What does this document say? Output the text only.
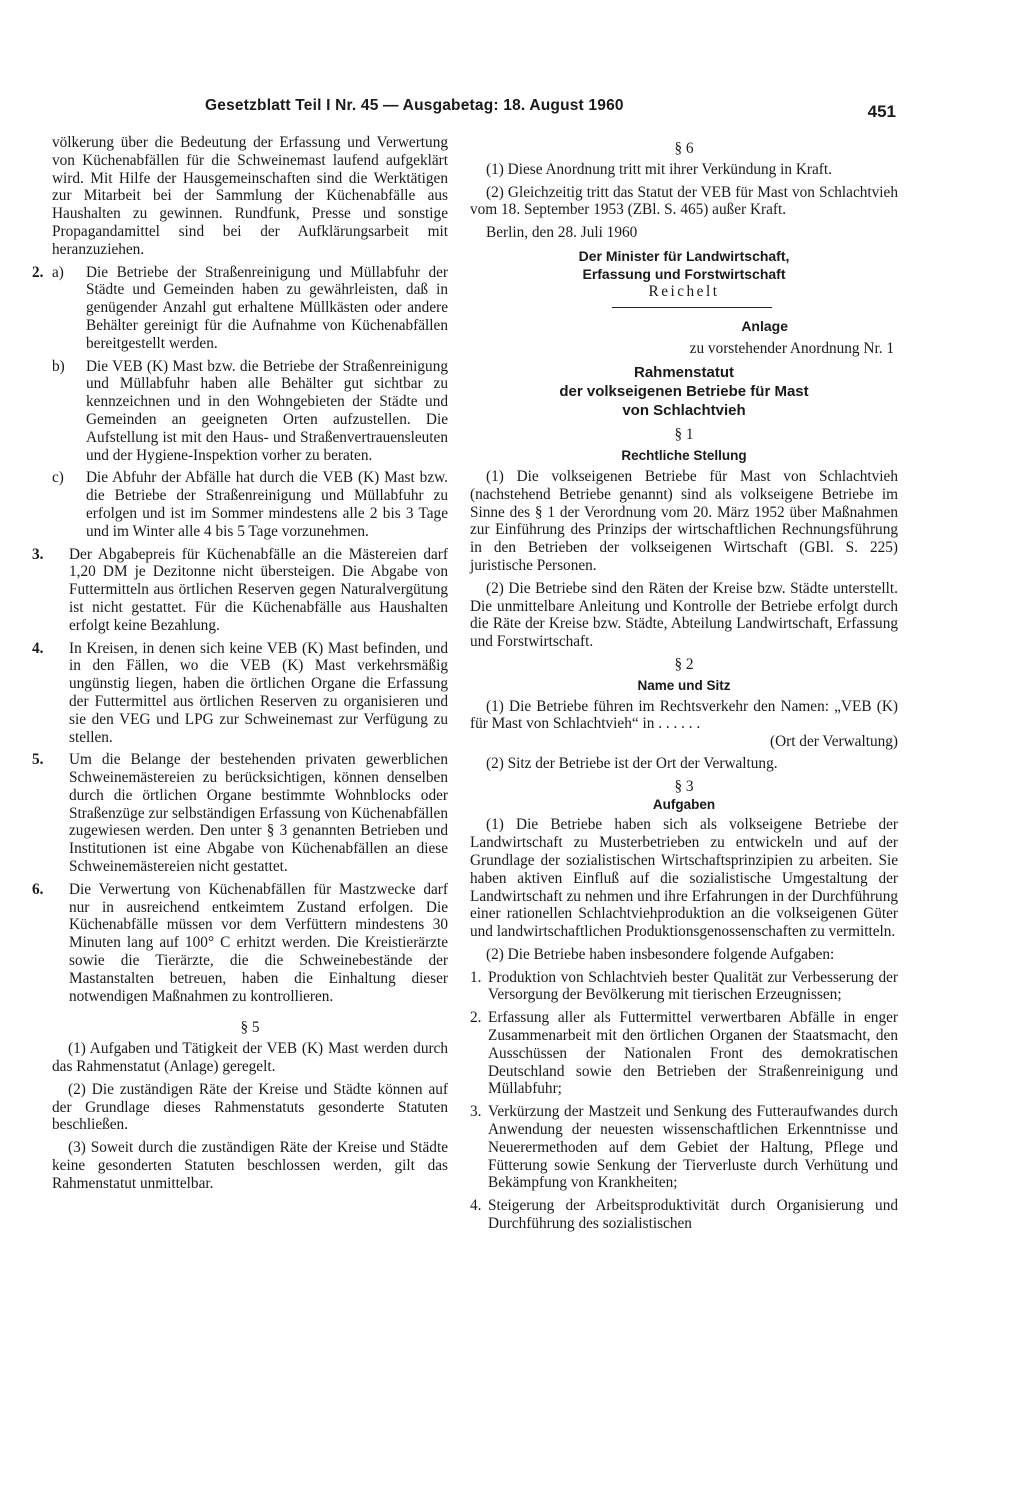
Gesetzblatt Teil I Nr. 45 — Ausgabetag: 18. August 1960	451

völkerung über die Bedeutung der Erfassung und Verwertung von Küchenabfällen für die Schweinemast laufend aufgeklärt wird. Mit Hilfe der Hausgemeinschaften sind die Werktätigen zur Mitarbeit bei der Sammlung der Küchenabfälle aus Haushalten zu gewinnen. Rundfunk, Presse und sonstige Propagandamittel sind bei der Aufklärungsarbeit mit heranzuziehen.

2. a) Die Betriebe der Straßenreinigung und Müllabfuhr der Städte und Gemeinden haben zu gewährleisten, daß in genügender Anzahl gut erhaltene Müllkästen oder andere Behälter gereinigt für die Aufnahme von Küchenabfällen bereitgestellt werden.
b) Die VEB (K) Mast bzw. die Betriebe der Straßenreinigung und Müllabfuhr haben alle Behälter gut sichtbar zu kennzeichnen und in den Wohngebieten der Städte und Gemeinden an geeigneten Orten aufzustellen. Die Aufstellung ist mit den Haus- und Straßenvertrauensleuten und der Hygiene-Inspektion vorher zu beraten.
c) Die Abfuhr der Abfälle hat durch die VEB (K) Mast bzw. die Betriebe der Straßenreinigung und Müllabfuhr zu erfolgen und ist im Sommer mindestens alle 2 bis 3 Tage und im Winter alle 4 bis 5 Tage vorzunehmen.
3. Der Abgabepreis für Küchenabfälle an die Mästereien darf 1,20 DM je Dezitonne nicht übersteigen. Die Abgabe von Futtermitteln aus örtlichen Reserven gegen Naturalvergütung ist nicht gestattet. Für die Küchenabfälle aus Haushalten erfolgt keine Bezahlung.
4. In Kreisen, in denen sich keine VEB (K) Mast befinden, und in den Fällen, wo die VEB (K) Mast verkehrsmäßig ungünstig liegen, haben die örtlichen Organe die Erfassung der Futtermittel aus örtlichen Reserven zu organisieren und sie den VEG und LPG zur Schweinemast zur Verfügung zu stellen.
5. Um die Belange der bestehenden privaten gewerblichen Schweinemästereien zu berücksichtigen, können denselben durch die örtlichen Organe bestimmte Wohnblocks oder Straßenzüge zur selbständigen Erfassung von Küchenabfällen zugewiesen werden. Den unter § 3 genannten Betrieben und Institutionen ist eine Abgabe von Küchenabfällen an diese Schweinemästereien nicht gestattet.
6. Die Verwertung von Küchenabfällen für Mastzwecke darf nur in ausreichend entkeimtem Zustand erfolgen. Die Küchenabfälle müssen vor dem Verfüttern mindestens 30 Minuten lang auf 100° C erhitzt werden. Die Kreistierärzte sowie die Tierärzte, die die Schweinebestände der Mastanstalten betreuen, haben die Einhaltung dieser notwendigen Maßnahmen zu kontrollieren.
§ 5

(1) Aufgaben und Tätigkeit der VEB (K) Mast werden durch das Rahmenstatut (Anlage) geregelt.

(2) Die zuständigen Räte der Kreise und Städte können auf der Grundlage dieses Rahmenstatuts gesonderte Statuten beschließen.

(3) Soweit durch die zuständigen Räte der Kreise und Städte keine gesonderten Statuten beschlossen werden, gilt das Rahmenstatut unmittelbar.

§ 6

(1) Diese Anordnung tritt mit ihrer Verkündung in Kraft.

(2) Gleichzeitig tritt das Statut der VEB für Mast von Schlachtvieh vom 18. September 1953 (ZBl. S. 465) außer Kraft.

Berlin, den 28. Juli 1960

Der Minister für Landwirtschaft,
Erfassung und Forstwirtschaft
Reichelt
Anlage
zu vorstehender Anordnung Nr. 1
Rahmenstatut
der volkseigenen Betriebe für Mast
von Schlachtvieh
§ 1
Rechtliche Stellung

(1) Die volkseigenen Betriebe für Mast von Schlachtvieh (nachstehend Betriebe genannt) sind als volkseigene Betriebe im Sinne des § 1 der Verordnung vom 20. März 1952 über Maßnahmen zur Einführung des Prinzips der wirtschaftlichen Rechnungsführung in den Betrieben der volkseigenen Wirtschaft (GBl. S. 225) juristische Personen.

(2) Die Betriebe sind den Räten der Kreise bzw. Städte unterstellt. Die unmittelbare Anleitung und Kontrolle der Betriebe erfolgt durch die Räte der Kreise bzw. Städte, Abteilung Landwirtschaft, Erfassung und Forstwirtschaft.

§ 2
Name und Sitz

(1) Die Betriebe führen im Rechtsverkehr den Namen: „VEB (K) für Mast von Schlachtvieh“ in . . . . . .

(Ort der Verwaltung)

(2) Sitz der Betriebe ist der Ort der Verwaltung.

§ 3
Aufgaben

(1) Die Betriebe haben sich als volkseigene Betriebe der Landwirtschaft zu Musterbetrieben zu entwickeln und auf der Grundlage der sozialistischen Wirtschaftsprinzipien zu arbeiten. Sie haben aktiven Einfluß auf die sozialistische Umgestaltung der Landwirtschaft zu nehmen und ihre Erfahrungen in der Durchführung einer rationellen Schlachtviehproduktion an die volkseigenen Güter und landwirtschaftlichen Produktionsgenossenschaften zu vermitteln.

(2) Die Betriebe haben insbesondere folgende Aufgaben:

1. Produktion von Schlachtvieh bester Qualität zur Verbesserung der Versorgung der Bevölkerung mit tierischen Erzeugnissen;
2. Erfassung aller als Futtermittel verwertbaren Abfälle in enger Zusammenarbeit mit den örtlichen Organen der Staatsmacht, den Ausschüssen der Nationalen Front des demokratischen Deutschland sowie den Betrieben der Straßenreinigung und Müllabfuhr;
3. Verkürzung der Mastzeit und Senkung des Futteraufwandes durch Anwendung der neuesten wissenschaftlichen Erkenntnisse und Neuerermethoden auf dem Gebiet der Haltung, Pflege und Fütterung sowie Senkung der Tierverluste durch Verhütung und Bekämpfung von Krankheiten;
4. Steigerung der Arbeitsproduktivität durch Organisierung und Durchführung des sozialistischen
